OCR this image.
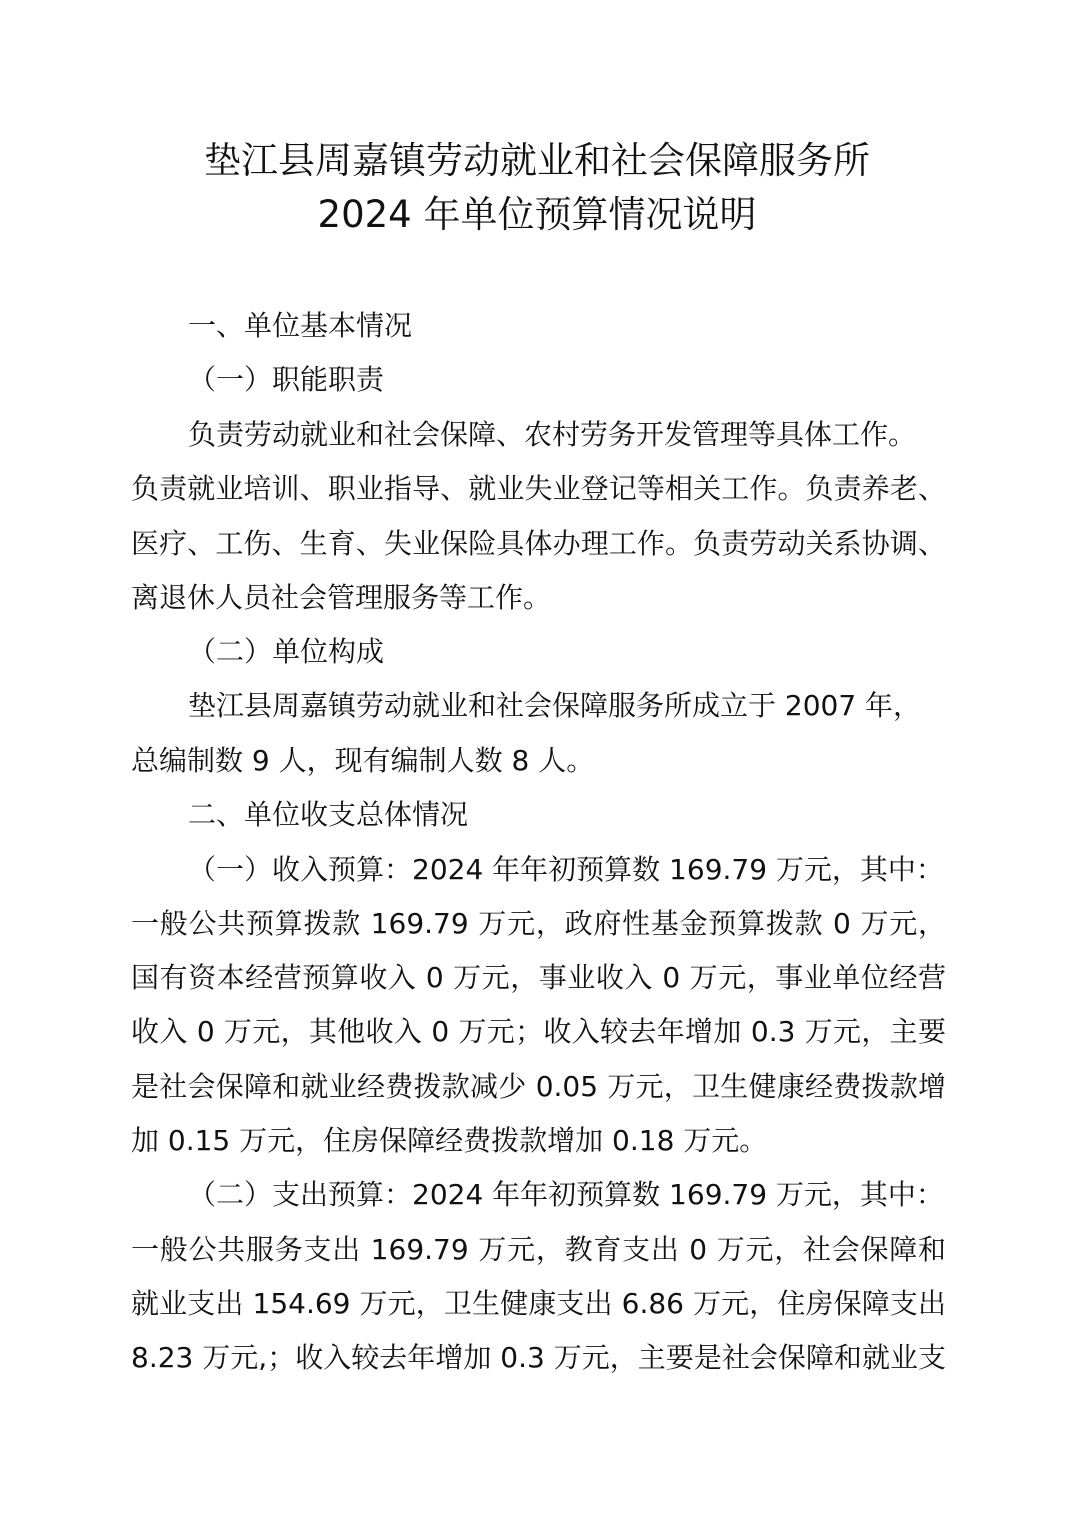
垫江县周嘉镇劳动就业和社会保障服务所
2024 年单位预算情况说明
一、单位基本情况
（一）职能职责
负责劳动就业和社会保障、农村劳务开发管理等具体工作。
负责就业培训、职业指导、就业失业登记等相关工作。负责养老、
医疗、工伤、生育、失业保险具体办理工作。负责劳动关系协调、
离退休人员社会管理服务等工作。
（二）单位构成
垫江县周嘉镇劳动就业和社会保障服务所成立于 2007 年，
总编制数 9 人，现有编制人数 8 人。
二、单位收支总体情况
（一）收入预算：2024 年年初预算数 169.79 万元，其中：
一般公共预算拨款 169.79 万元，政府性基金预算拨款 0 万元，
国有资本经营预算收入 0 万元，事业收入 0 万元，事业单位经营
收入 0 万元，其他收入 0 万元；收入较去年增加 0.3 万元，主要
是社会保障和就业经费拨款减少 0.05 万元，卫生健康经费拨款增
加 0.15 万元，住房保障经费拨款增加 0.18 万元。
（二）支出预算：2024 年年初预算数 169.79 万元，其中：
一般公共服务支出 169.79 万元，教育支出 0 万元，社会保障和
就业支出 154.69 万元，卫生健康支出 6.86 万元，住房保障支出
8.23 万元,；收入较去年增加 0.3 万元，主要是社会保障和就业支
